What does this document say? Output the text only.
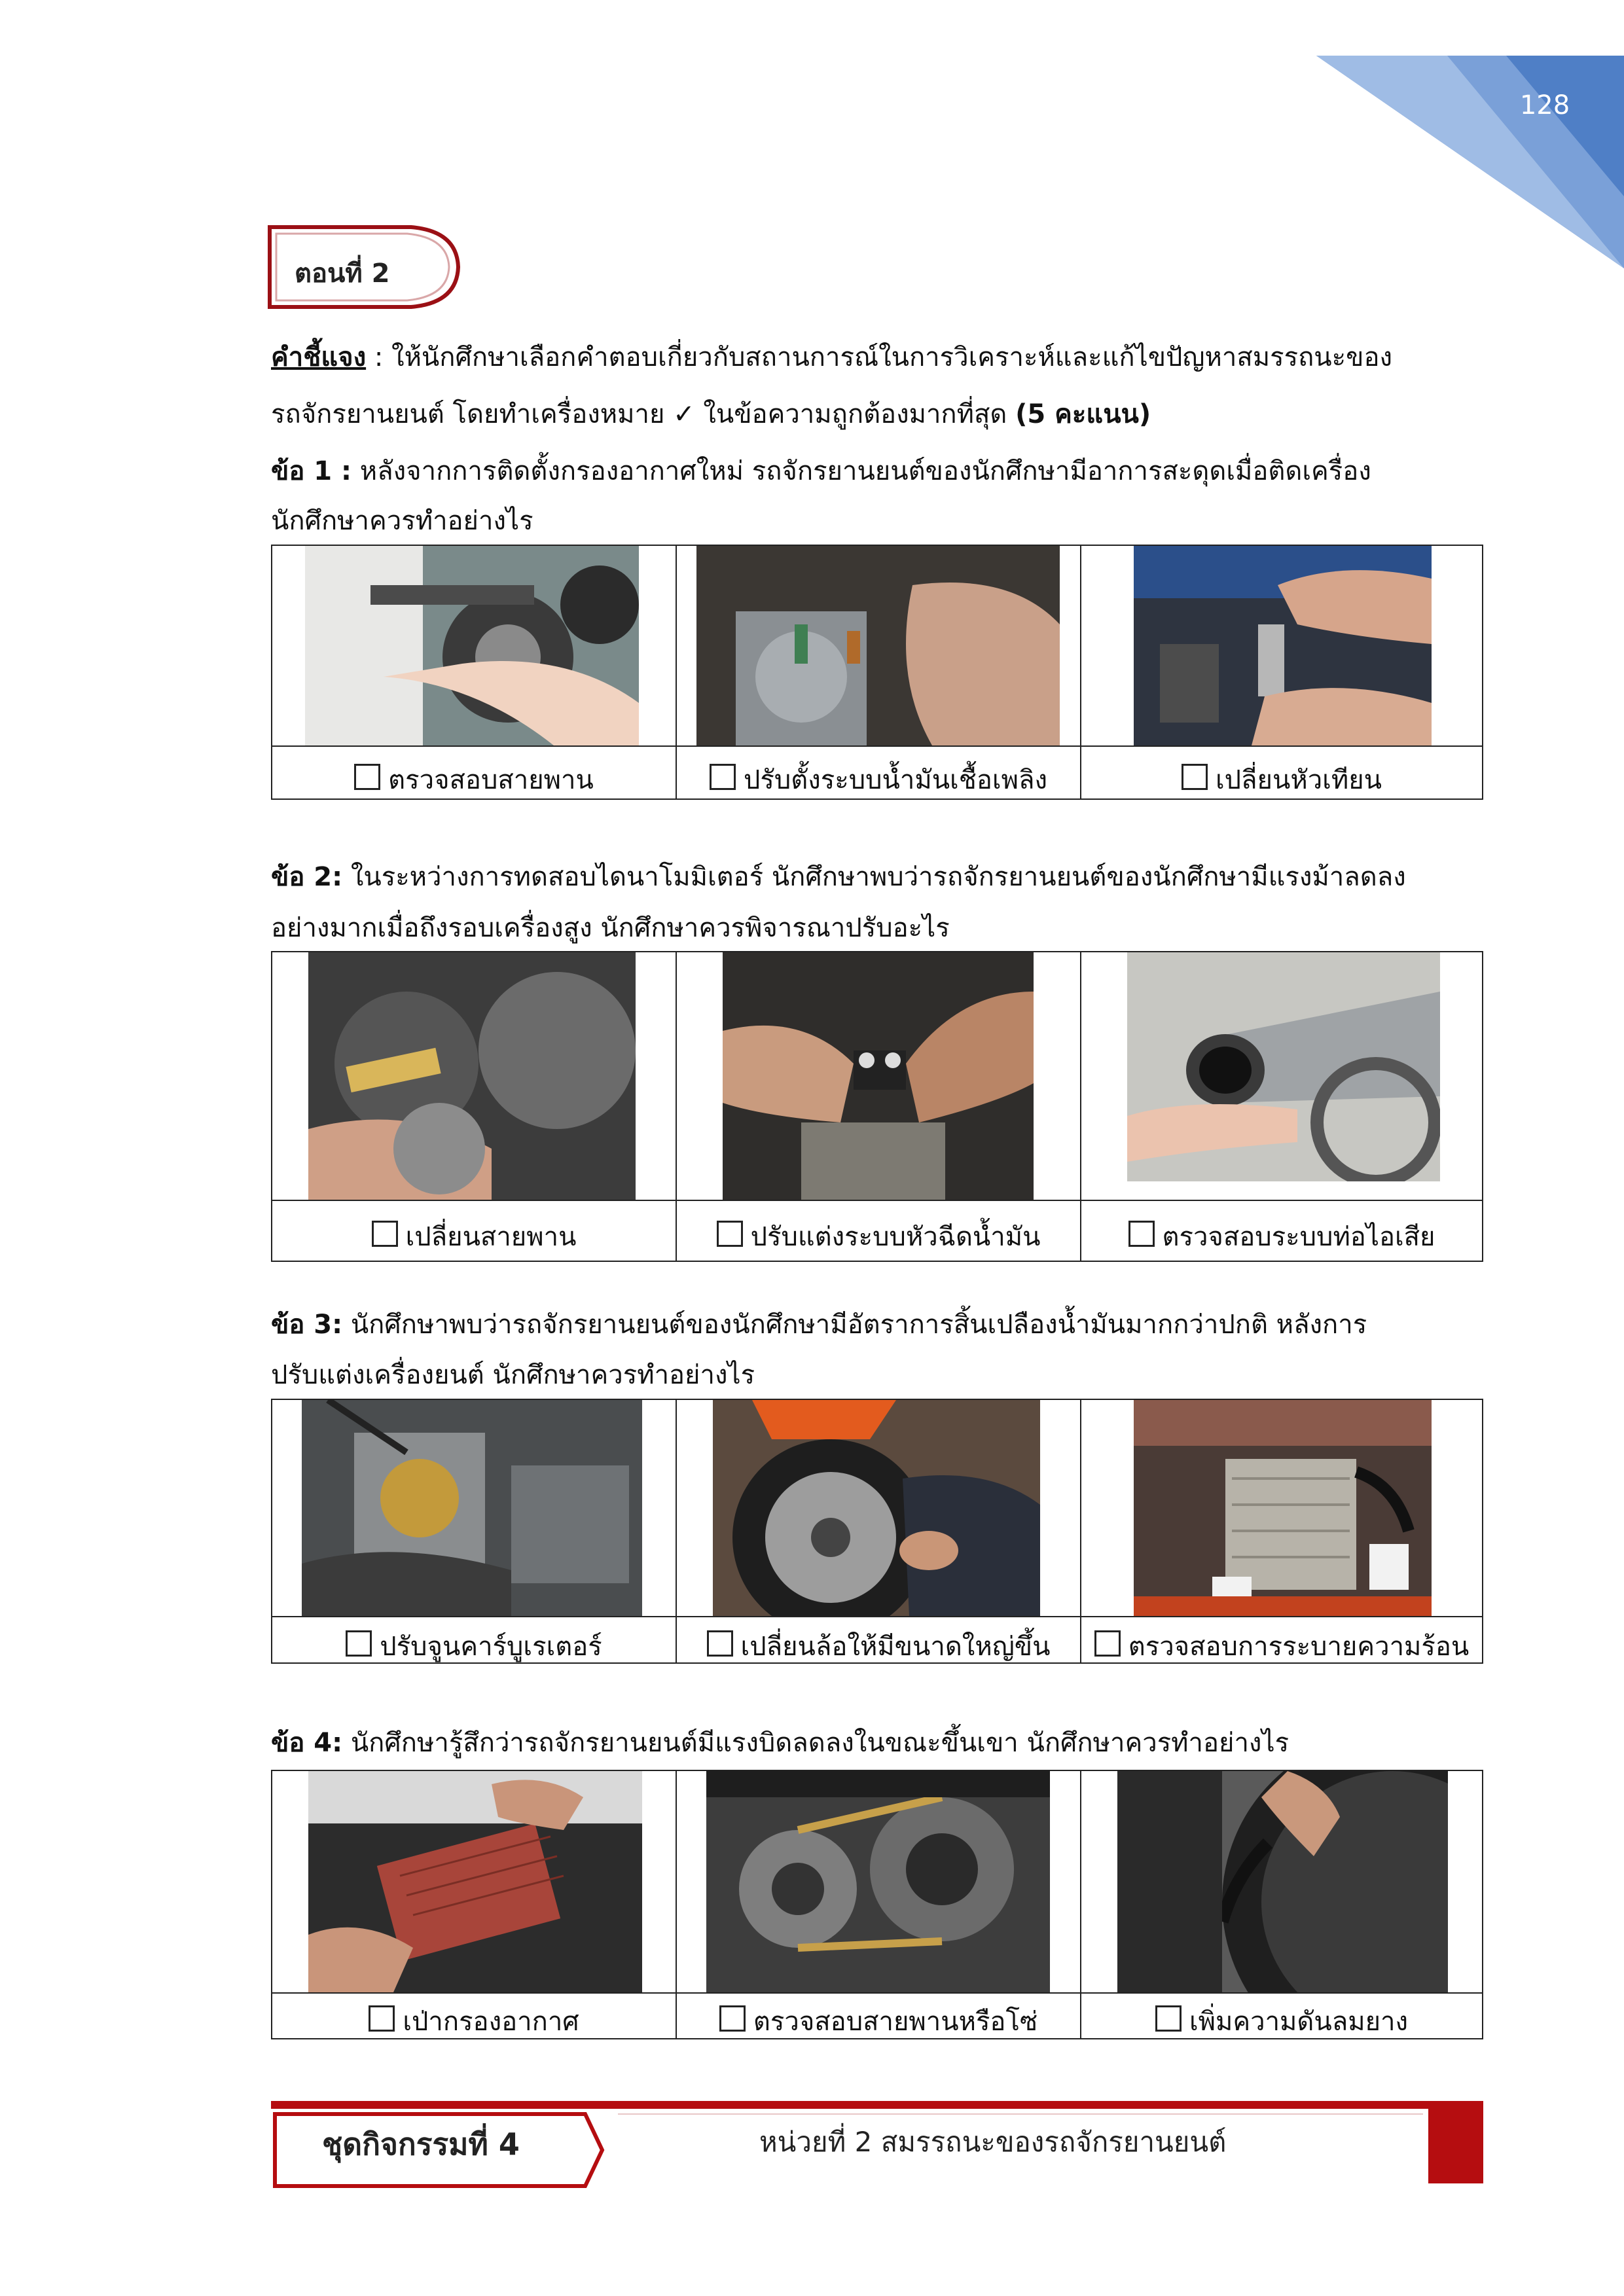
128
ตอนที่ 2
คำชี้แจง : ให้นักศึกษาเลือกคำตอบเกี่ยวกับสถานการณ์ในการวิเคราะห์และแก้ไขปัญหาสมรรถนะของ
รถจักรยานยนต์ โดยทำเครื่องหมาย ✓ ในข้อความถูกต้องมากที่สุด (5 คะแนน)
ข้อ 1 : หลังจากการติดตั้งกรองอากาศใหม่ รถจักรยานยนต์ของนักศึกษามีอาการสะดุดเมื่อติดเครื่อง
นักศึกษาควรทำอย่างไร
ตรวจสอบสายพาน	ปรับตั้งระบบน้ำมันเชื้อเพลิง	เปลี่ยนหัวเทียน
ข้อ 2: ในระหว่างการทดสอบไดนาโมมิเตอร์ นักศึกษาพบว่ารถจักรยานยนต์ของนักศึกษามีแรงม้าลดลง
อย่างมากเมื่อถึงรอบเครื่องสูง นักศึกษาควรพิจารณาปรับอะไร
เปลี่ยนสายพาน	ปรับแต่งระบบหัวฉีดน้ำมัน	ตรวจสอบระบบท่อไอเสีย
ข้อ 3: นักศึกษาพบว่ารถจักรยานยนต์ของนักศึกษามีอัตราการสิ้นเปลืองน้ำมันมากกว่าปกติ หลังการ
ปรับแต่งเครื่องยนต์ นักศึกษาควรทำอย่างไร
ปรับจูนคาร์บูเรเตอร์	เปลี่ยนล้อให้มีขนาดใหญ่ขึ้น	ตรวจสอบการระบายความร้อน
ข้อ 4: นักศึกษารู้สึกว่ารถจักรยานยนต์มีแรงบิดลดลงในขณะขึ้นเขา นักศึกษาควรทำอย่างไร
เป่ากรองอากาศ	ตรวจสอบสายพานหรือโซ่	เพิ่มความดันลมยาง
ชุดกิจกรรมที่ 4	หน่วยที่ 2 สมรรถนะของรถจักรยานยนต์
